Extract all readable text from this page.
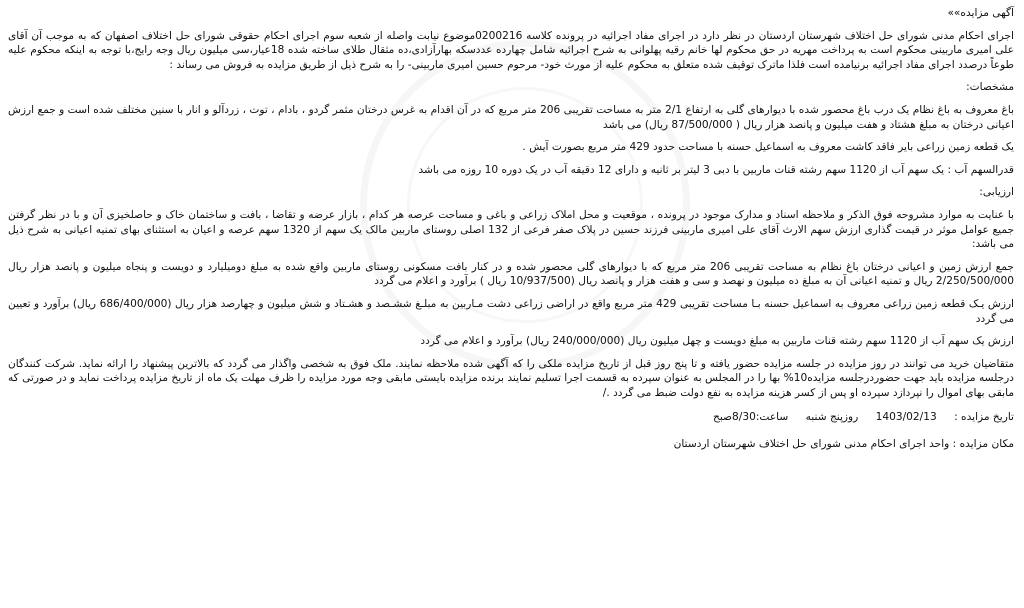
آگهی مزایده»»

اجرای احکام مدنی شورای حل اختلاف شهرستان اردستان در نظر دارد در اجرای مفاد اجرائیه در پرونده کلاسه 0200216موضوع نیابت واصله از شعبه سوم اجرای احکام حقوقی شورای حل اختلاف اصفهان که به موجب آن آقای علی امیری ماربینی محکوم است به پرداخت مهریه در حق محکوم لها خانم رقیه پهلوانی به شرح اجرائیه شامل چهارده عددسکه بهارآزادی،ده مثقال طلای ساخته شده 18عیار،سی میلیون ریال وجه رایج،با توجه به اینکه محکوم علیه طوعاً درصدد اجرای مفاد اجرائیه برنیامده است فلذا ماترک توقیف شده متعلق به محکوم علیه از مورث خود- مرحوم حسین امیری ماربینی- را به شرح ذیل از طریق مزایده به فروش می رساند :

مشخصات:

باغ معروف به باغ نظام یک درب باغ محصور شده با دیوارهای گلی به ارتفاع 2/1 متر به مساحت تقریبی 206 متر مربع که در آن اقدام به غرس درختان مثمر گردو ، بادام ، توت ، زردآلو و انار با سنین مختلف شده است و جمع ارزش اعیانی درختان به مبلغ هشتاد و هفت میلیون و پانصد هزار ریال ( 87/500/000 ریال) می باشد

یک قطعه زمین زراعی بایر فاقد کاشت معروف به اسماعیل حسنه با مساحت حدود 429 متر مربع بصورت آیش .

قدرالسهم آب : یک سهم آب از 1120 سهم رشته قنات ماربین با دبی 3 لیتر بر ثانیه و دارای 12 دقیقه آب در یک دوره 10 روزه می باشد

ارزیابی:

با عنایت به موارد مشروحه فوق الذکر و ملاحظه اسناد و مدارک موجود در پرونده ، موقعیت و محل املاک زراعی و باغی و مساحت عرصه هر کدام ، بازار عرضه و تقاضا ، بافت و ساختمان خاک و حاصلخیزی آن و با در نظر گرفتن جمیع عوامل موثر در قیمت گذاری ارزش سهم الارث آقای علی امیری ماربینی فرزند حسین در پلاک صفر فرعی از 132 اصلی روستای ماربین مالک یک سهم از 1320 سهم عرصه و اعیان به استثنای بهای تمنیه اعیانی به شرح ذیل می باشد:

جمع ارزش زمین و اعیانی درختان باغ نظام به مساحت تقریبی 206 متر مربع که با دیوارهای گلی محصور شده و در کنار بافت مسکونی روستای ماربین واقع شده به مبلغ دومیلیارد و دویست و پنجاه میلیون و پانصد هزار ریال 2/250/500/000 ریال و تمنیه اعیانی آن به مبلغ ده میلیون و نهصد و سی و هفت هزار و پانصد ریال (10/937/500 ریال ) برآورد و اعلام می گردد

ارزش یـک قطعه زمین زراعی معروف به اسماعیل حسنه بـا مساحت تقریبی 429 متر مربع واقع در اراضی زراعی دشت مـاربین به مبلـغ ششـصد و هشـتاد و شش میلیون و چهارصد هزار ریال (686/400/000 ریال) برآورد و تعیین می گردد

ارزش یک سهم آب از 1120 سهم رشته قنات ماربین به مبلغ دویست و چهل میلیون ریال (240/000/000 ریال) برآورد و اعلام می گردد

متقاضیان خرید می توانند در روز مزایده در جلسه مزایده حضور یافته و تا پنج روز قبل از تاریخ مزایده ملکی را که آگهی شده ملاحظه نمایند. ملک فوق به شخصی واگذار می گردد که بالاترین پیشنهاد را ارائه نماید. شرکت کنندگان درجلسه مزایده باید جهت حضوردرجلسه مزایده10% بها را در المجلس به عنوان سپرده به قسمت اجرا تسلیم نمایند برنده مزایده بایستی مابقی وجه مورد مزایده را ظرف مهلت یک ماه از تاریخ مزایده پرداخت نماید و در صورتی که مابقی بهای اموال را نپردازد سپرده او پس از کسر هزینه مزایده به نفع دولت ضبط می گردد ./

تاریخ مزایده : 1403/02/13 روزپنج شنبه ساعت:8/30صبح

مکان مزایده : واحد اجرای احکام مدنی شورای حل اختلاف شهرستان اردستان
